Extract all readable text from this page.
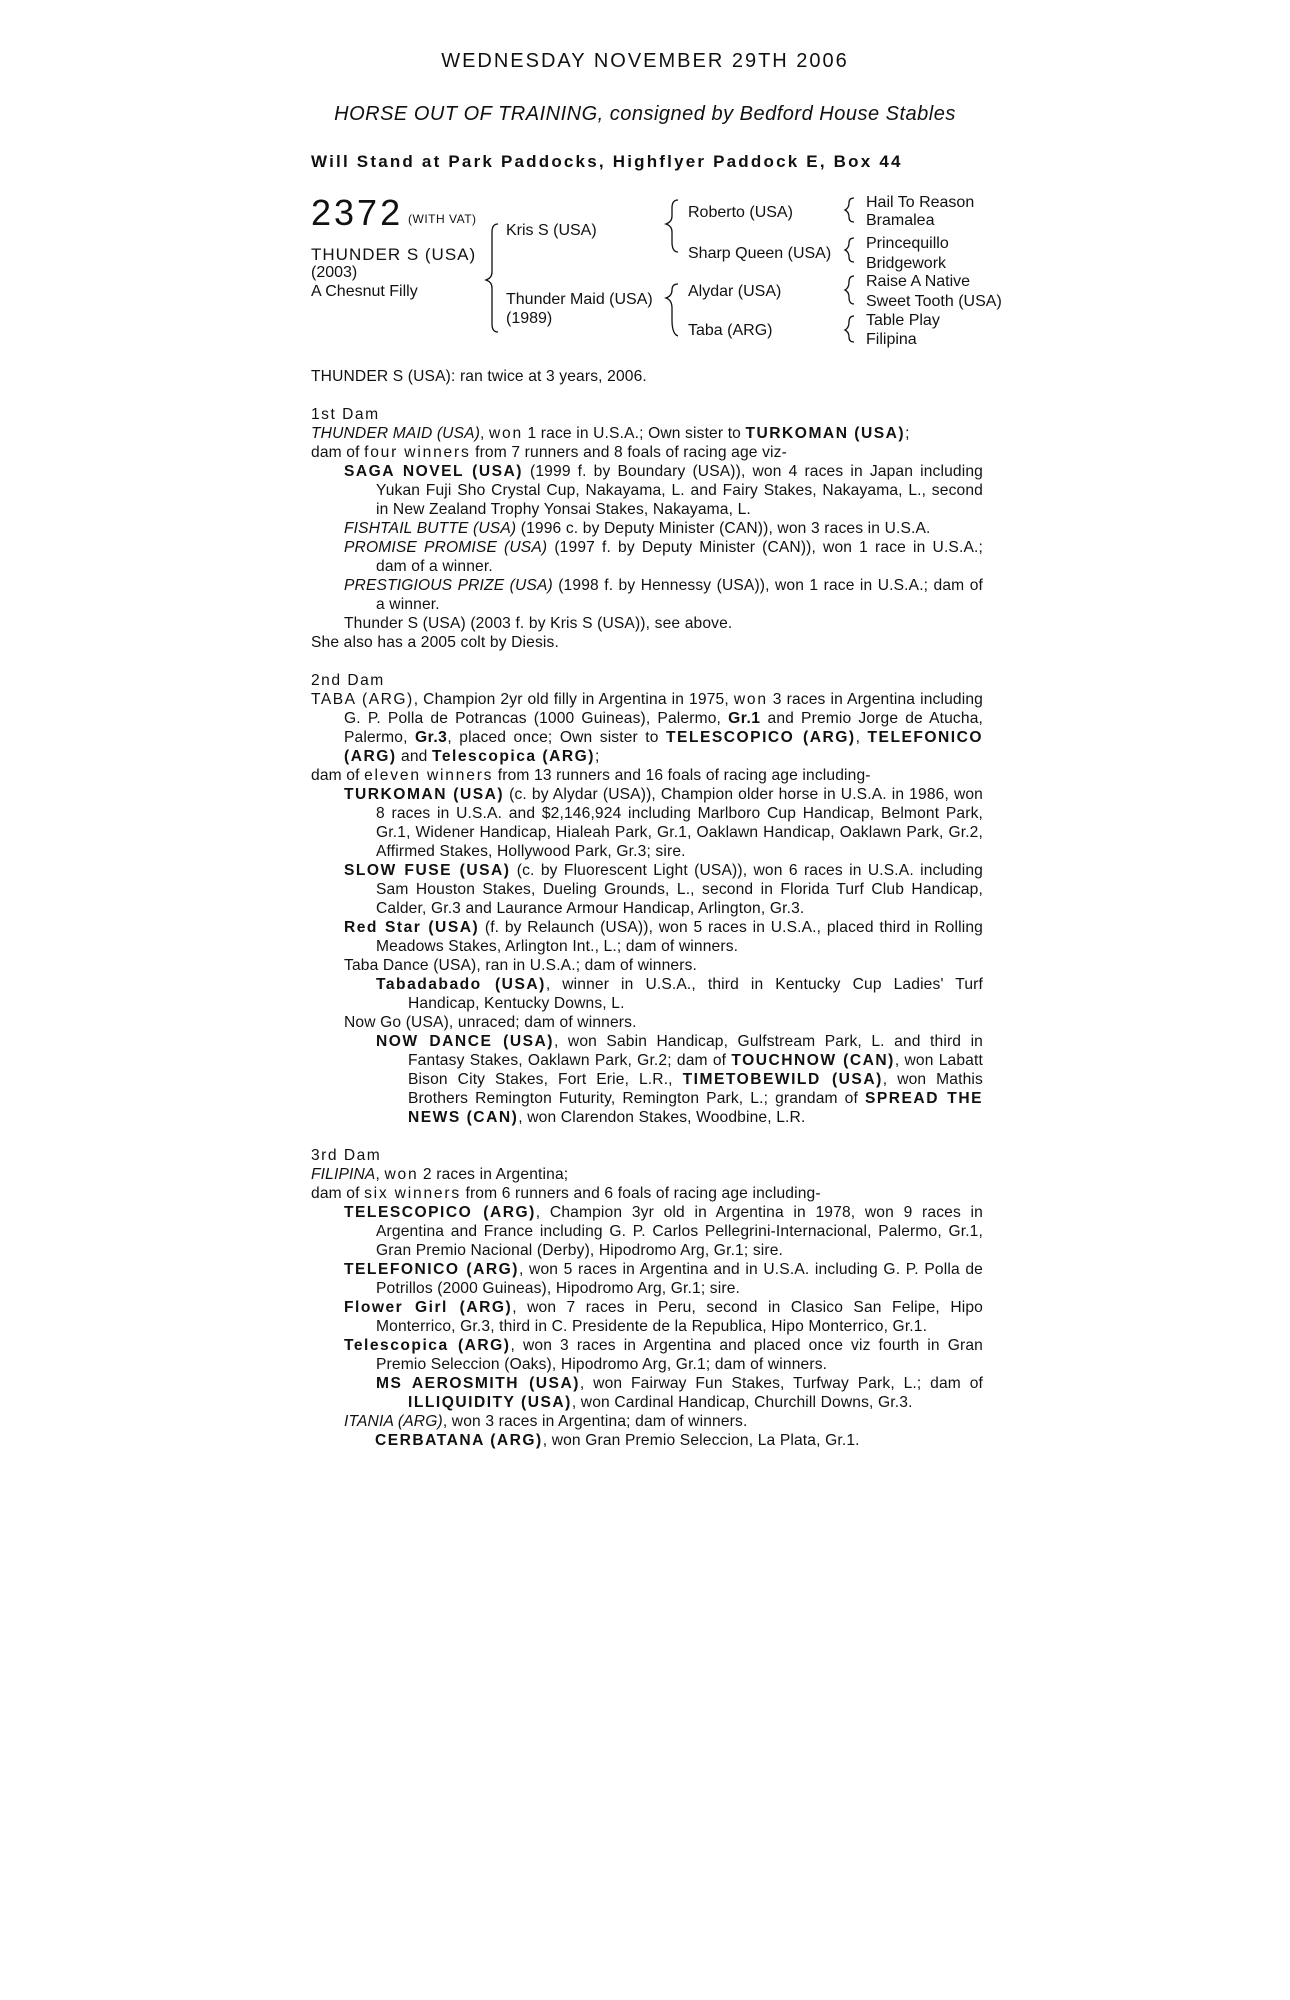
WEDNESDAY NOVEMBER 29TH 2006
HORSE OUT OF TRAINING, consigned by Bedford House Stables
Will Stand at Park Paddocks, Highflyer Paddock E, Box 44
2372 (WITH VAT)
THUNDER S (USA)
(2003)
A Chesnut Filly
Kris S (USA)
Thunder Maid (USA)
(1989)
Roberto (USA)
Sharp Queen (USA)
Alydar (USA)
Taba (ARG)
Hail To Reason
Bramalea
Princequillo
Bridgework
Raise A Native
Sweet Tooth (USA)
Table Play
Filipina

THUNDER S (USA): ran twice at 3 years, 2006.

1st Dam

THUNDER MAID (USA), won 1 race in U.S.A.; Own sister to TURKOMAN (USA);

dam of four winners from 7 runners and 8 foals of racing age viz-

SAGA NOVEL (USA) (1999 f. by Boundary (USA)), won 4 races in Japan including Yukan Fuji Sho Crystal Cup, Nakayama, L. and Fairy Stakes, Nakayama, L., second in New Zealand Trophy Yonsai Stakes, Nakayama, L.

FISHTAIL BUTTE (USA) (1996 c. by Deputy Minister (CAN)), won 3 races in U.S.A.

PROMISE PROMISE (USA) (1997 f. by Deputy Minister (CAN)), won 1 race in U.S.A.; dam of a winner.

PRESTIGIOUS PRIZE (USA) (1998 f. by Hennessy (USA)), won 1 race in U.S.A.; dam of a winner.

Thunder S (USA) (2003 f. by Kris S (USA)), see above.

She also has a 2005 colt by Diesis.

2nd Dam

TABA (ARG), Champion 2yr old filly in Argentina in 1975, won 3 races in Argentina including G. P. Polla de Potrancas (1000 Guineas), Palermo, Gr.1 and Premio Jorge de Atucha, Palermo, Gr.3, placed once; Own sister to TELESCOPICO (ARG), TELEFONICO (ARG) and Telescopica (ARG);

dam of eleven winners from 13 runners and 16 foals of racing age including-

TURKOMAN (USA) (c. by Alydar (USA)), Champion older horse in U.S.A. in 1986, won 8 races in U.S.A. and $2,146,924 including Marlboro Cup Handicap, Belmont Park, Gr.1, Widener Handicap, Hialeah Park, Gr.1, Oaklawn Handicap, Oaklawn Park, Gr.2, Affirmed Stakes, Hollywood Park, Gr.3; sire.

SLOW FUSE (USA) (c. by Fluorescent Light (USA)), won 6 races in U.S.A. including Sam Houston Stakes, Dueling Grounds, L., second in Florida Turf Club Handicap, Calder, Gr.3 and Laurance Armour Handicap, Arlington, Gr.3.

Red Star (USA) (f. by Relaunch (USA)), won 5 races in U.S.A., placed third in Rolling Meadows Stakes, Arlington Int., L.; dam of winners.

Taba Dance (USA), ran in U.S.A.; dam of winners.

Tabadabado (USA), winner in U.S.A., third in Kentucky Cup Ladies' Turf Handicap, Kentucky Downs, L.

Now Go (USA), unraced; dam of winners.

NOW DANCE (USA), won Sabin Handicap, Gulfstream Park, L. and third in Fantasy Stakes, Oaklawn Park, Gr.2; dam of TOUCHNOW (CAN), won Labatt Bison City Stakes, Fort Erie, L.R., TIMETOBEWILD (USA), won Mathis Brothers Remington Futurity, Remington Park, L.; grandam of SPREAD THE NEWS (CAN), won Clarendon Stakes, Woodbine, L.R.

3rd Dam

FILIPINA, won 2 races in Argentina;

dam of six winners from 6 runners and 6 foals of racing age including-

TELESCOPICO (ARG), Champion 3yr old in Argentina in 1978, won 9 races in Argentina and France including G. P. Carlos Pellegrini-Internacional, Palermo, Gr.1, Gran Premio Nacional (Derby), Hipodromo Arg, Gr.1; sire.

TELEFONICO (ARG), won 5 races in Argentina and in U.S.A. including G. P. Polla de Potrillos (2000 Guineas), Hipodromo Arg, Gr.1; sire.

Flower Girl (ARG), won 7 races in Peru, second in Clasico San Felipe, Hipo Monterrico, Gr.3, third in C. Presidente de la Republica, Hipo Monterrico, Gr.1.

Telescopica (ARG), won 3 races in Argentina and placed once viz fourth in Gran Premio Seleccion (Oaks), Hipodromo Arg, Gr.1; dam of winners.

MS AEROSMITH (USA), won Fairway Fun Stakes, Turfway Park, L.; dam of ILLIQUIDITY (USA), won Cardinal Handicap, Churchill Downs, Gr.3.

ITANIA (ARG), won 3 races in Argentina; dam of winners.

CERBATANA (ARG), won Gran Premio Seleccion, La Plata, Gr.1.
